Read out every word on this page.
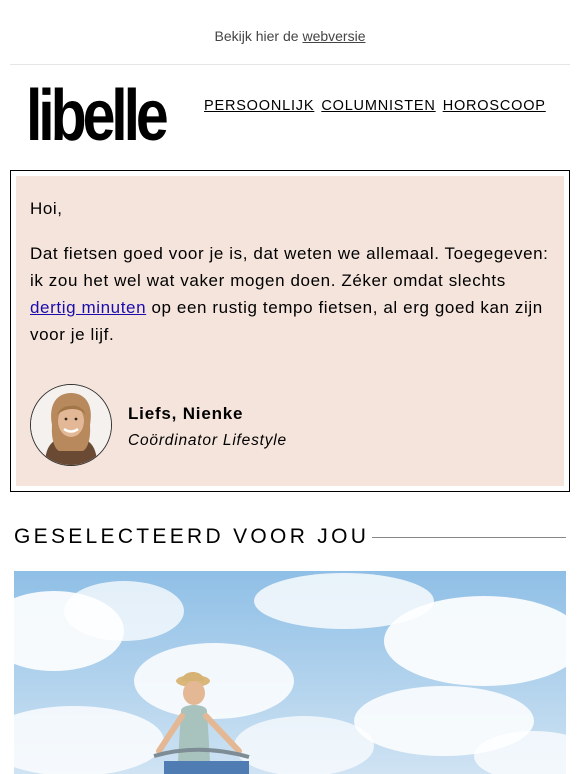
Bekijk hier de webversie
libelle	PERSOONLIJK COLUMNISTEN HOROSCOOP
Hoi,
Dat fietsen goed voor je is, dat weten we allemaal. Toegegeven: ik zou het wel wat vaker mogen doen. Zéker omdat slechts dertig minuten op een rustig tempo fietsen, al erg goed kan zijn voor je lijf.
Liefs, Nienke
Coördinator Lifestyle
GESELECTEERD VOOR JOU
